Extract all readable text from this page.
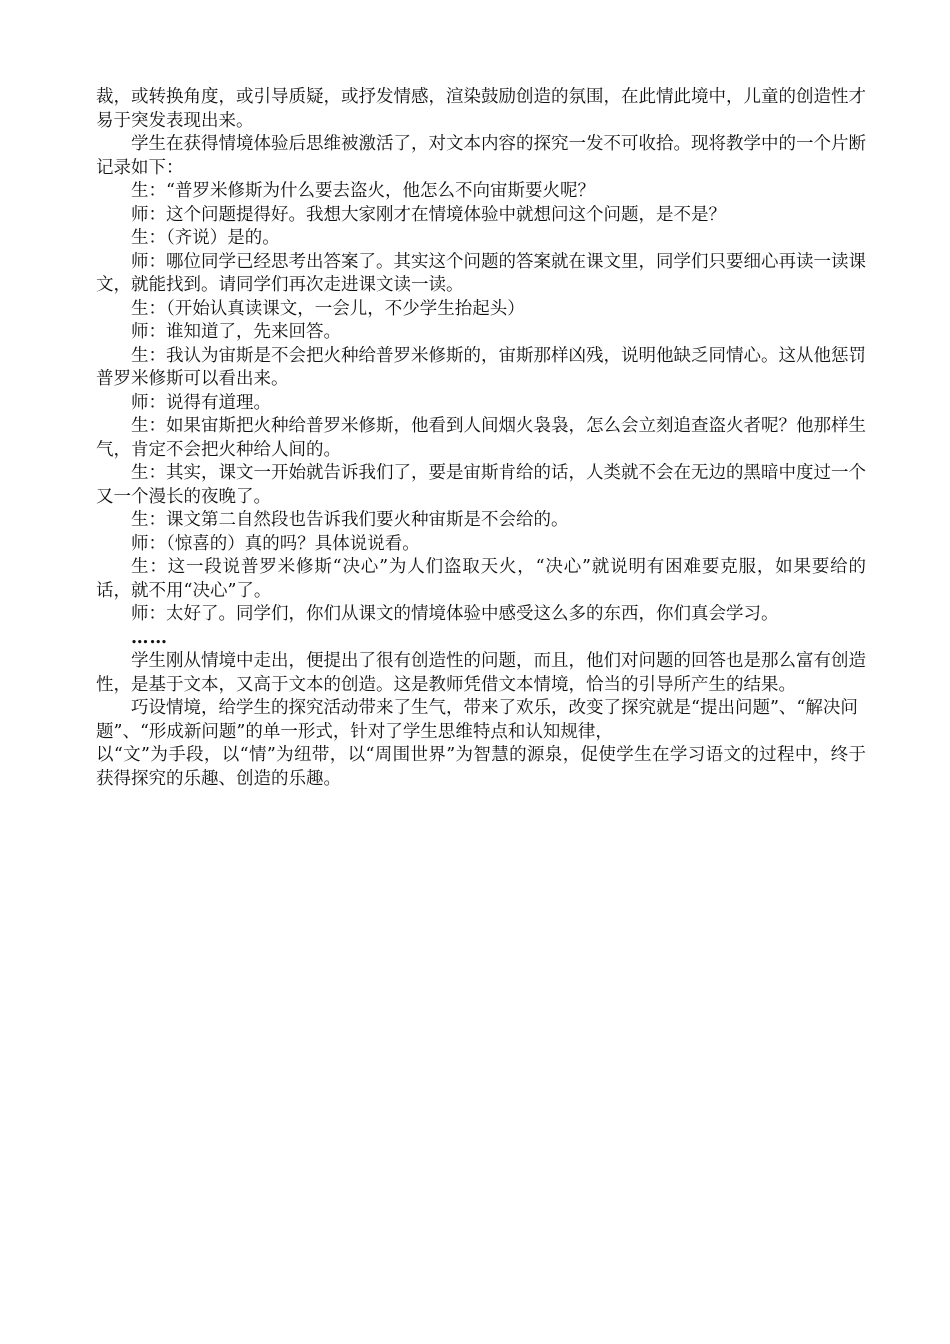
裁，或转换角度，或引导质疑，或抒发情感，渲染鼓励创造的氛围，在此情此境中，儿童的创造性才易于突发表现出来。

学生在获得情境体验后思维被激活了，对文本内容的探究一发不可收拾。现将教学中的一个片断记录如下：

生：“普罗米修斯为什么要去盗火，他怎么不向宙斯要火呢？

师：这个问题提得好。我想大家刚才在情境体验中就想问这个问题，是不是？

生：（齐说）是的。

师：哪位同学已经思考出答案了。其实这个问题的答案就在课文里，同学们只要细心再读一读课文，就能找到。请同学们再次走进课文读一读。

生：（开始认真读课文，一会儿，不少学生抬起头）

师：谁知道了，先来回答。

生：我认为宙斯是不会把火种给普罗米修斯的，宙斯那样凶残，说明他缺乏同情心。这从他惩罚普罗米修斯可以看出来。

师：说得有道理。

生：如果宙斯把火种给普罗米修斯，他看到人间烟火袅袅，怎么会立刻追查盗火者呢？他那样生气，肯定不会把火种给人间的。

生：其实，课文一开始就告诉我们了，要是宙斯肯给的话，人类就不会在无边的黑暗中度过一个又一个漫长的夜晚了。

生：课文第二自然段也告诉我们要火种宙斯是不会给的。

师：（惊喜的）真的吗？具体说说看。

生：这一段说普罗米修斯“决心”为人们盗取天火，“决心”就说明有困难要克服，如果要给的话，就不用“决心”了。

师：太好了。同学们，你们从课文的情境体验中感受这么多的东西，你们真会学习。

……

学生刚从情境中走出，便提出了很有创造性的问题，而且，他们对问题的回答也是那么富有创造性，是基于文本，又高于文本的创造。这是教师凭借文本情境，恰当的引导所产生的结果。

巧设情境，给学生的探究活动带来了生气，带来了欢乐，改变了探究就是“提出问题”、“解决问题”、“形成新问题”的单一形式，针对了学生思维特点和认知规律，

以“文”为手段，以“情”为纽带，以“周围世界”为智慧的源泉，促使学生在学习语文的过程中，终于获得探究的乐趣、创造的乐趣。
